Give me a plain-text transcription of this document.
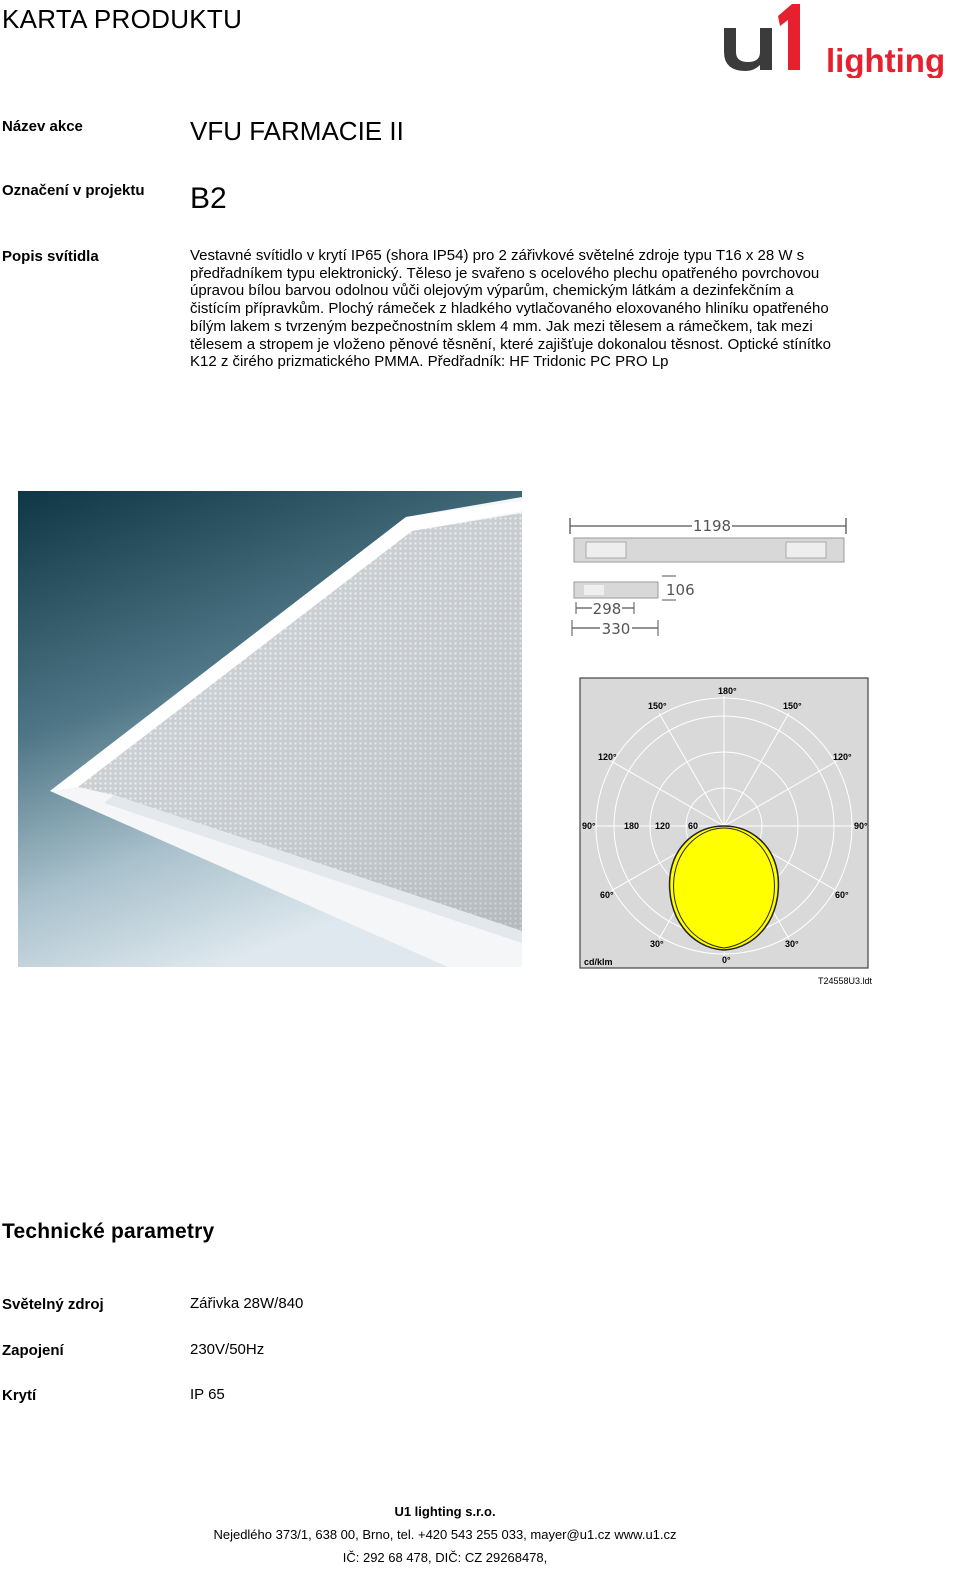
KARTA PRODUKTU
lighting
Název akce	VFU FARMACIE II
Označení v projektu B2
Popis svítidla	Vestavné svítidlo v krytí IP65 (shora IP54) pro 2 zářivkové světelné zdroje typu T16 x 28 W s
předřadníkem typu elektronický. Těleso je svařeno s ocelového plechu opatřeného povrchovou
úpravou bílou barvou odolnou vůči olejovým výparům, chemickým látkám a dezinfekčním a
čistícím přípravkům. Plochý rámeček z hladkého vytlačovaného eloxovaného hliníku opatřeného
bílým lakem s tvrzeným bezpečnostním sklem 4 mm. Jak mezi tělesem a rámečkem, tak mezi
tělesem a stropem je vloženo pěnové těsnění, které zajišťuje dokonalou těsnost. Optické stínítko
K12 z čirého prizmatického PMMA. Předřadník: HF Tridonic PC PRO Lp
1198
106
298
330
180°
150°	150°
120°	120°
90°	90°
60°	60°
30°	30°
0°
180 120 60
cd/klm
T24558U3.ldt
Technické parametry
Světelný zdroj	Zářivka 28W/840
Zapojení	230V/50Hz
Krytí	IP 65
U1 lighting s.r.o.
Nejedlého 373/1, 638 00, Brno, tel. +420 543 255 033, mayer@u1.cz www.u1.cz
IČ: 292 68 478, DIČ: CZ 29268478,
